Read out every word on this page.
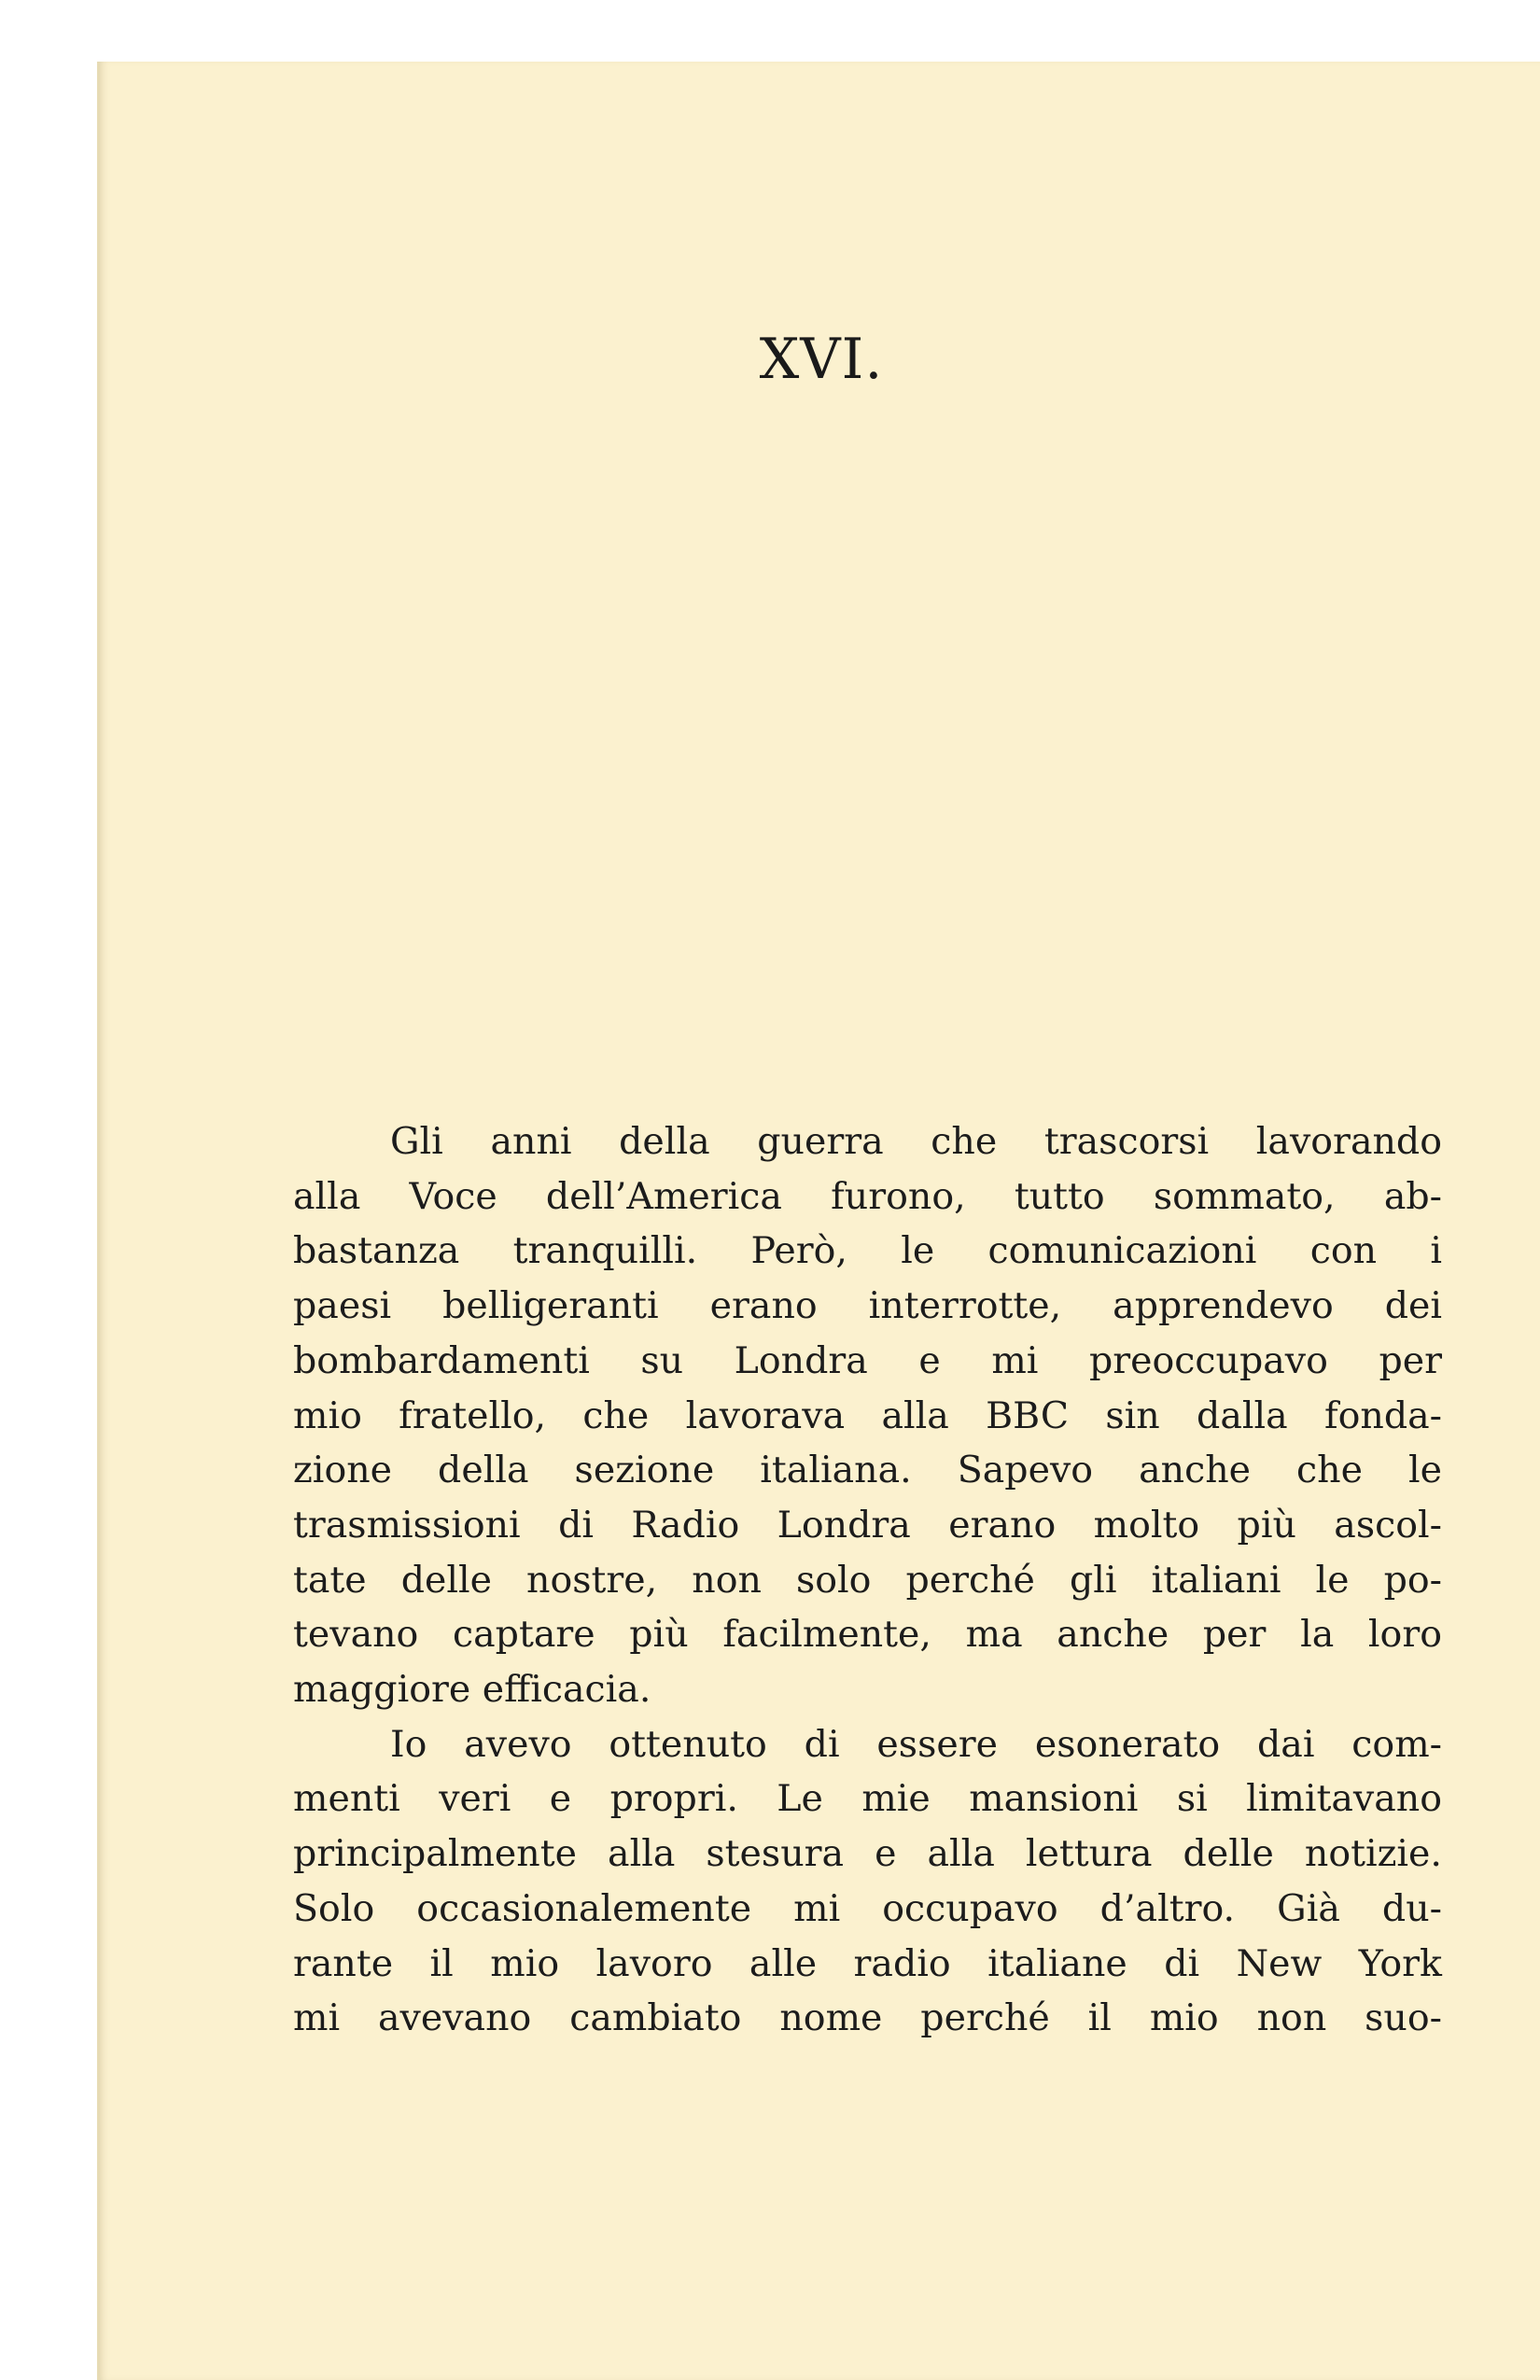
XVI.
Gli anni della guerra che trascorsi lavorando
alla Voce dell’America furono, tutto sommato, ab-
bastanza tranquilli. Però, le comunicazioni con i
paesi belligeranti erano interrotte, apprendevo dei
bombardamenti su Londra e mi preoccupavo per
mio fratello, che lavorava alla BBC sin dalla fonda-
zione della sezione italiana. Sapevo anche che le
trasmissioni di Radio Londra erano molto più ascol-
tate delle nostre, non solo perché gli italiani le po-
tevano captare più facilmente, ma anche per la loro
maggiore efficacia.
Io avevo ottenuto di essere esonerato dai com-
menti veri e propri. Le mie mansioni si limitavano
principalmente alla stesura e alla lettura delle notizie.
Solo occasionalemente mi occupavo d’altro. Già du-
rante il mio lavoro alle radio italiane di New York
mi avevano cambiato nome perché il mio non suo-
